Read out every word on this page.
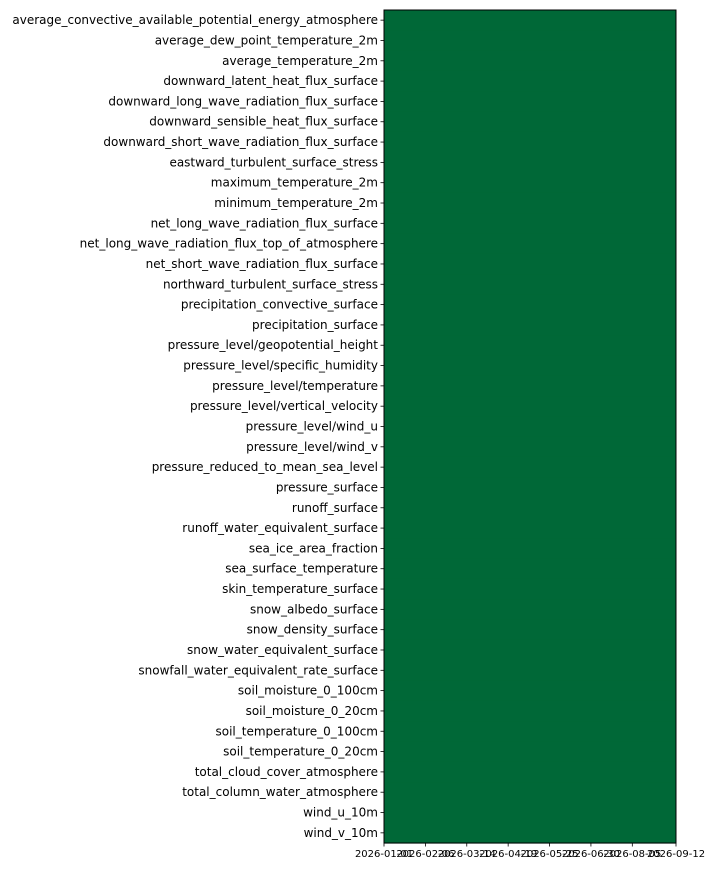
average_convective_available_potential_energy_atmosphere
average_dew_point_temperature_2m
average_temperature_2m
downward_latent_heat_flux_surface
downward_long_wave_radiation_flux_surface
downward_sensible_heat_flux_surface
downward_short_wave_radiation_flux_surface
eastward_turbulent_surface_stress
maximum_temperature_2m
minimum_temperature_2m
net_long_wave_radiation_flux_surface
net_long_wave_radiation_flux_top_of_atmosphere
net_short_wave_radiation_flux_surface
northward_turbulent_surface_stress
precipitation_convective_surface
precipitation_surface
pressure_level/geopotential_height
pressure_level/specific_humidity
pressure_level/temperature
pressure_level/vertical_velocity
pressure_level/wind_u
pressure_level/wind_v
pressure_reduced_to_mean_sea_level
pressure_surface
runoff_surface
runoff_water_equivalent_surface
sea_ice_area_fraction
sea_surface_temperature
skin_temperature_surface
snow_albedo_surface
snow_density_surface
snow_water_equivalent_surface
snowfall_water_equivalent_rate_surface
soil_moisture_0_100cm
soil_moisture_0_20cm
soil_temperature_0_100cm
soil_temperature_0_20cm
total_cloud_cover_atmosphere
total_column_water_atmosphere
wind_u_10m
wind_v_10m
2026-01-01
2026-02-06
2026-03-14
2026-04-19
2026-05-25
2026-06-30
2026-08-05
2026-09-12
